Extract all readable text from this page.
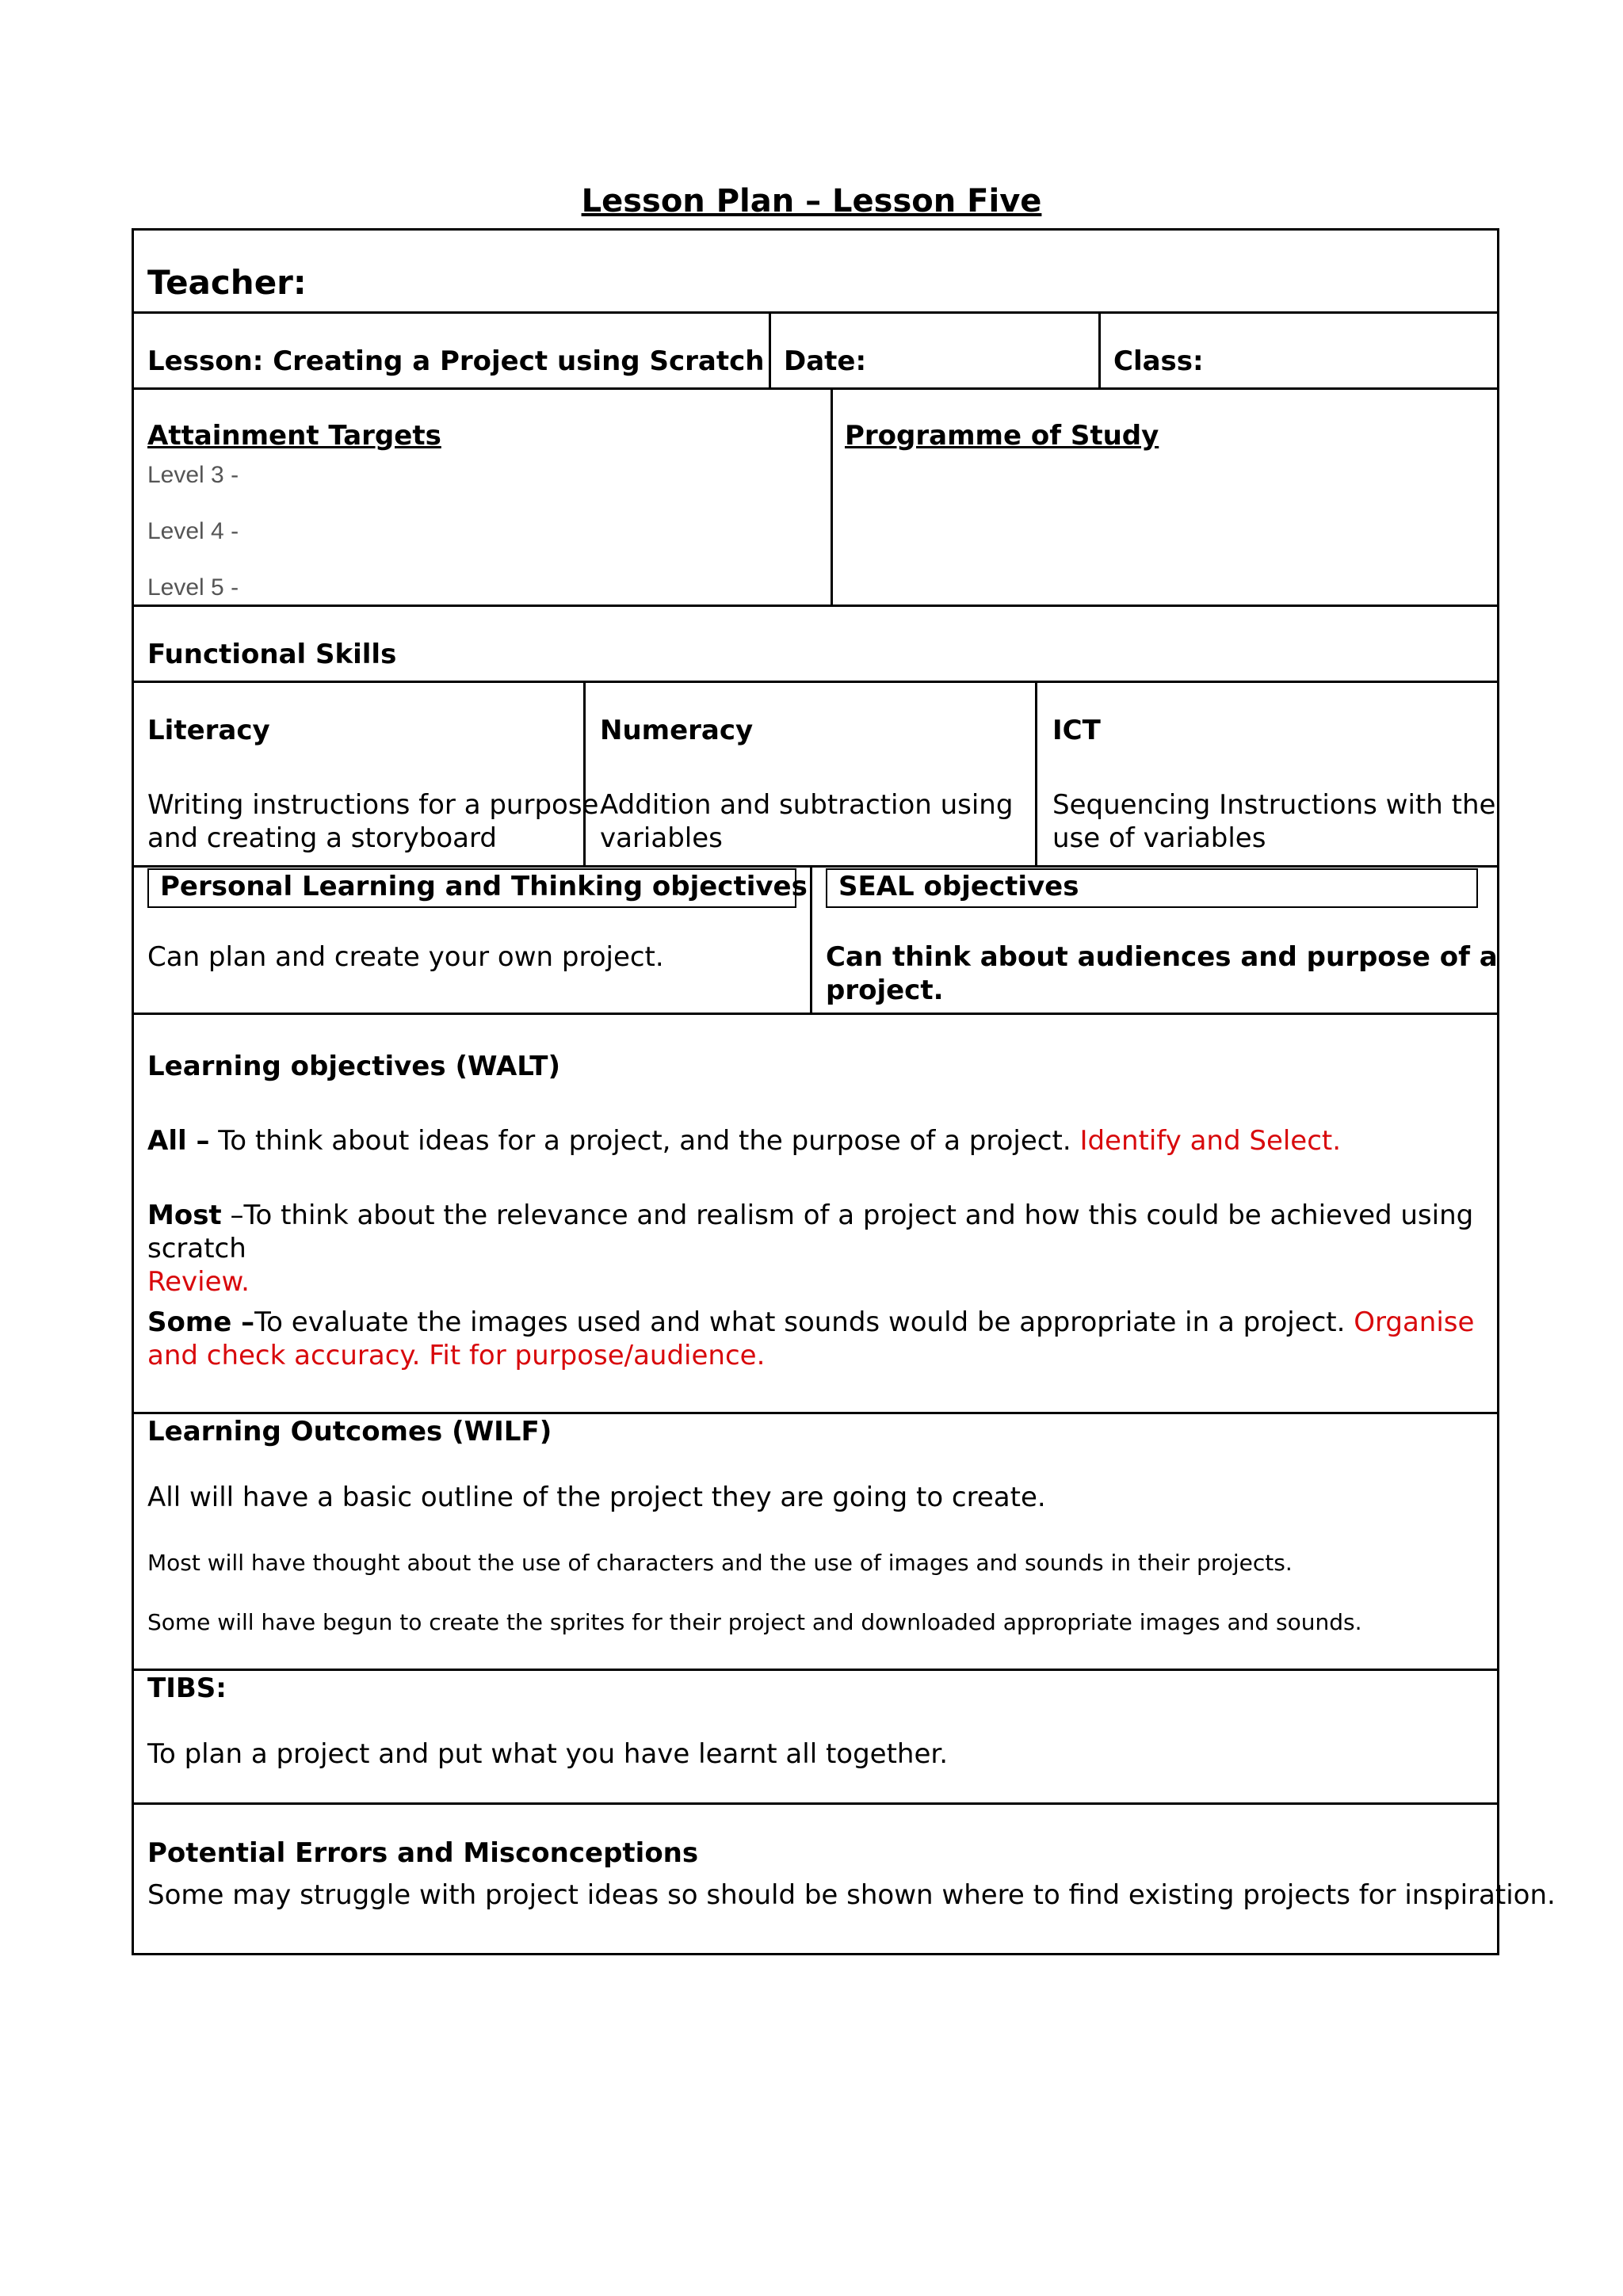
Lesson Plan – Lesson Five
Teacher:
Lesson: Creating a Project using Scratch Date:	Class:
Attainment Targets
Level 3 -
Level 4 -
Level 5 -
Programme of Study
Functional Skills
Literacy
Writing instructions for a purpose
and creating a storyboard
Numeracy
Addition and subtraction using
variables
ICT
Sequencing Instructions with the
use of variables
Personal Learning and Thinking objectives
Can plan and create your own project.
SEAL objectives
Can think about audiences and purpose of a
project.
Learning objectives (WALT)
All – To think about ideas for a project, and the purpose of a project. Identify and Select.
Most –To think about the relevance and realism of a project and how this could be achieved using scratch
Review.
Some –To evaluate the images used and what sounds would be appropriate in a project. Organise and check accuracy. Fit for purpose/audience.
Learning Outcomes (WILF)
All will have a basic outline of the project they are going to create.
Most will have thought about the use of characters and the use of images and sounds in their projects.
Some will have begun to create the sprites for their project and downloaded appropriate images and sounds.
TIBS:
To plan a project and put what you have learnt all together.
Potential Errors and Misconceptions
Some may struggle with project ideas so should be shown where to find existing projects for inspiration.
